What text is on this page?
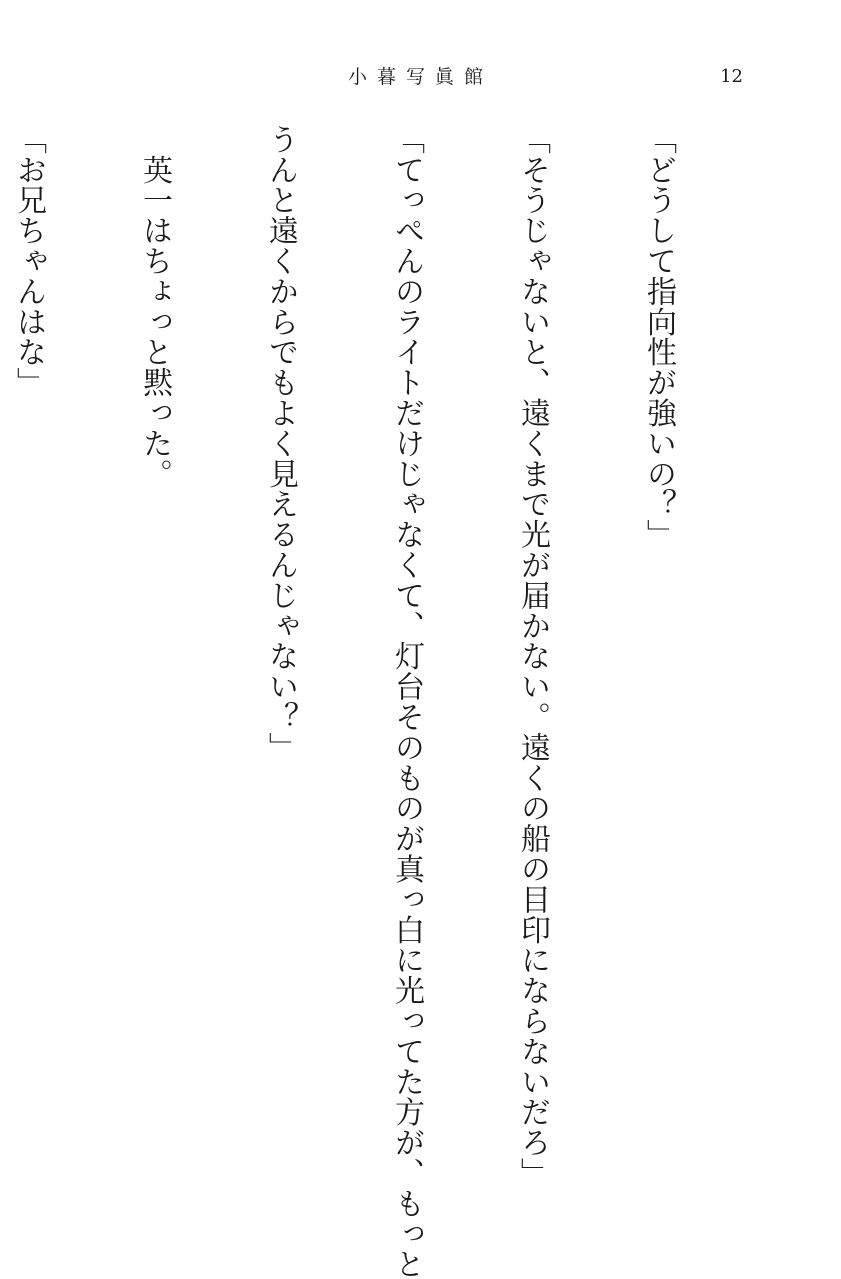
小暮写眞館	12

「どうして指向性が強いの？」

「そうじゃないと、遠くまで光が届かない。遠くの船の目印にならないだろ」

「てっぺんのライトだけじゃなくて、灯台そのものが真っ白に光ってた方が、もっと

うんと遠くからでもよく見えるんじゃない？」

　英一はちょっと黙った。

「お兄ちゃんはな」
